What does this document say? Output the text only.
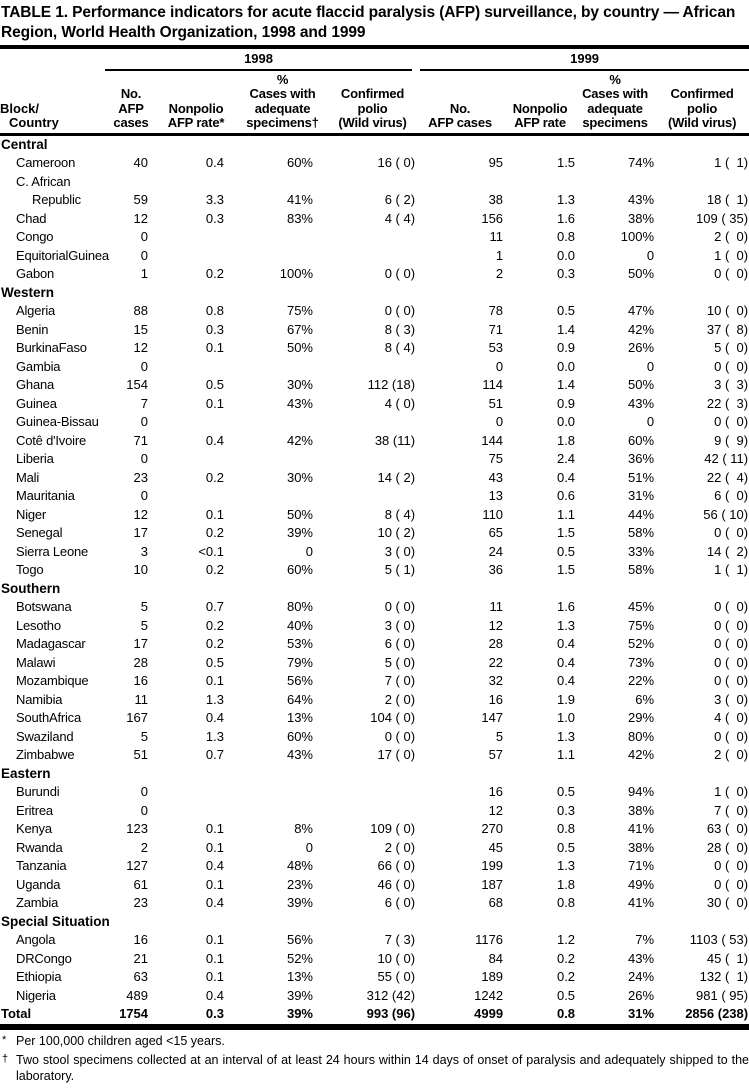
TABLE 1. Performance indicators for acute flaccid paralysis (AFP) surveillance, by country — African Region, World Health Organization, 1998 and 1999

	1998				1999			

Block/
Country

No.
AFP cases

Nonpolio
AFP rate*

%
Cases with
adequate
specimens†

Confirmed
polio
(Wild virus)

No.
AFP cases

Nonpolio
AFP rate

%
Cases with
adequate
specimens

Confirmed
polio
(Wild virus)

Central								

Cameroon	40	0.4	60%	16 ( 0)	95	1.5	74%	1 (  1)

C. African
Republic	59	3.3	41%	6 ( 2)	38	1.3	43%	18 (  1)

Chad	12	0.3	83%	4 ( 4)	156	1.6	38%	109 ( 35)

Congo	0				11	0.8	100%	2 (  0)

EquitorialGuinea	0				1	0.0	0	1 (  0)

Gabon	1	0.2	100%	0 ( 0)	2	0.3	50%	0 (  0)
Western								

Algeria	88	0.8	75%	0 ( 0)	78	0.5	47%	10 (  0)

Benin	15	0.3	67%	8 ( 3)	71	1.4	42%	37 (  8)

BurkinaFaso	12	0.1	50%	8 ( 4)	53	0.9	26%	5 (  0)

Gambia	0				0	0.0	0	0 (  0)

Ghana	154	0.5	30%	112 (18)	114	1.4	50%	3 (  3)

Guinea	7	0.1	43%	4 ( 0)	51	0.9	43%	22 (  3)

Guinea-Bissau	0				0	0.0	0	0 (  0)

Cotê d'Ivoire	71	0.4	42%	38 (11)	144	1.8	60%	9 (  9)

Liberia	0				75	2.4	36%	42 ( 11)

Mali	23	0.2	30%	14 ( 2)	43	0.4	51%	22 (  4)

Mauritania	0				13	0.6	31%	6 (  0)

Niger	12	0.1	50%	8 ( 4)	110	1.1	44%	56 ( 10)

Senegal	17	0.2	39%	10 ( 2)	65	1.5	58%	0 (  0)

Sierra Leone	3	<0.1	0	3 ( 0)	24	0.5	33%	14 (  2)

Togo	10	0.2	60%	5 ( 1)	36	1.5	58%	1 (  1)
Southern								

Botswana	5	0.7	80%	0 ( 0)	11	1.6	45%	0 (  0)

Lesotho	5	0.2	40%	3 ( 0)	12	1.3	75%	0 (  0)

Madagascar	17	0.2	53%	6 ( 0)	28	0.4	52%	0 (  0)

Malawi	28	0.5	79%	5 ( 0)	22	0.4	73%	0 (  0)

Mozambique	16	0.1	56%	7 ( 0)	32	0.4	22%	0 (  0)

Namibia	11	1.3	64%	2 ( 0)	16	1.9	6%	3 (  0)

SouthAfrica	167	0.4	13%	104 ( 0)	147	1.0	29%	4 (  0)

Swaziland	5	1.3	60%	0 ( 0)	5	1.3	80%	0 (  0)

Zimbabwe	51	0.7	43%	17 ( 0)	57	1.1	42%	2 (  0)
Eastern								

Burundi	0				16	0.5	94%	1 (  0)

Eritrea	0				12	0.3	38%	7 (  0)

Kenya	123	0.1	8%	109 ( 0)	270	0.8	41%	63 (  0)

Rwanda	2	0.1	0	2 ( 0)	45	0.5	38%	28 (  0)

Tanzania	127	0.4	48%	66 ( 0)	199	1.3	71%	0 (  0)

Uganda	61	0.1	23%	46 ( 0)	187	1.8	49%	0 (  0)

Zambia	23	0.4	39%	6 ( 0)	68	0.8	41%	30 (  0)
Special Situation								

Angola	16	0.1	56%	7 ( 3)	1176	1.2	7%	1103 ( 53)

DRCongo	21	0.1	52%	10 ( 0)	84	0.2	43%	45 (  1)

Ethiopia	63	0.1	13%	55 ( 0)	189	0.2	24%	132 (  1)

Nigeria	489	0.4	39%	312 (42)	1242	0.5	26%	981 ( 95)
Total	1754	0.3	39%	993 (96)	4999	0.8	31%	2856 (238)
* Per 100,000 children aged <15 years.
† Two stool specimens collected at an interval of at least 24 hours within 14 days of onset of paralysis and adequately shipped to the laboratory.
